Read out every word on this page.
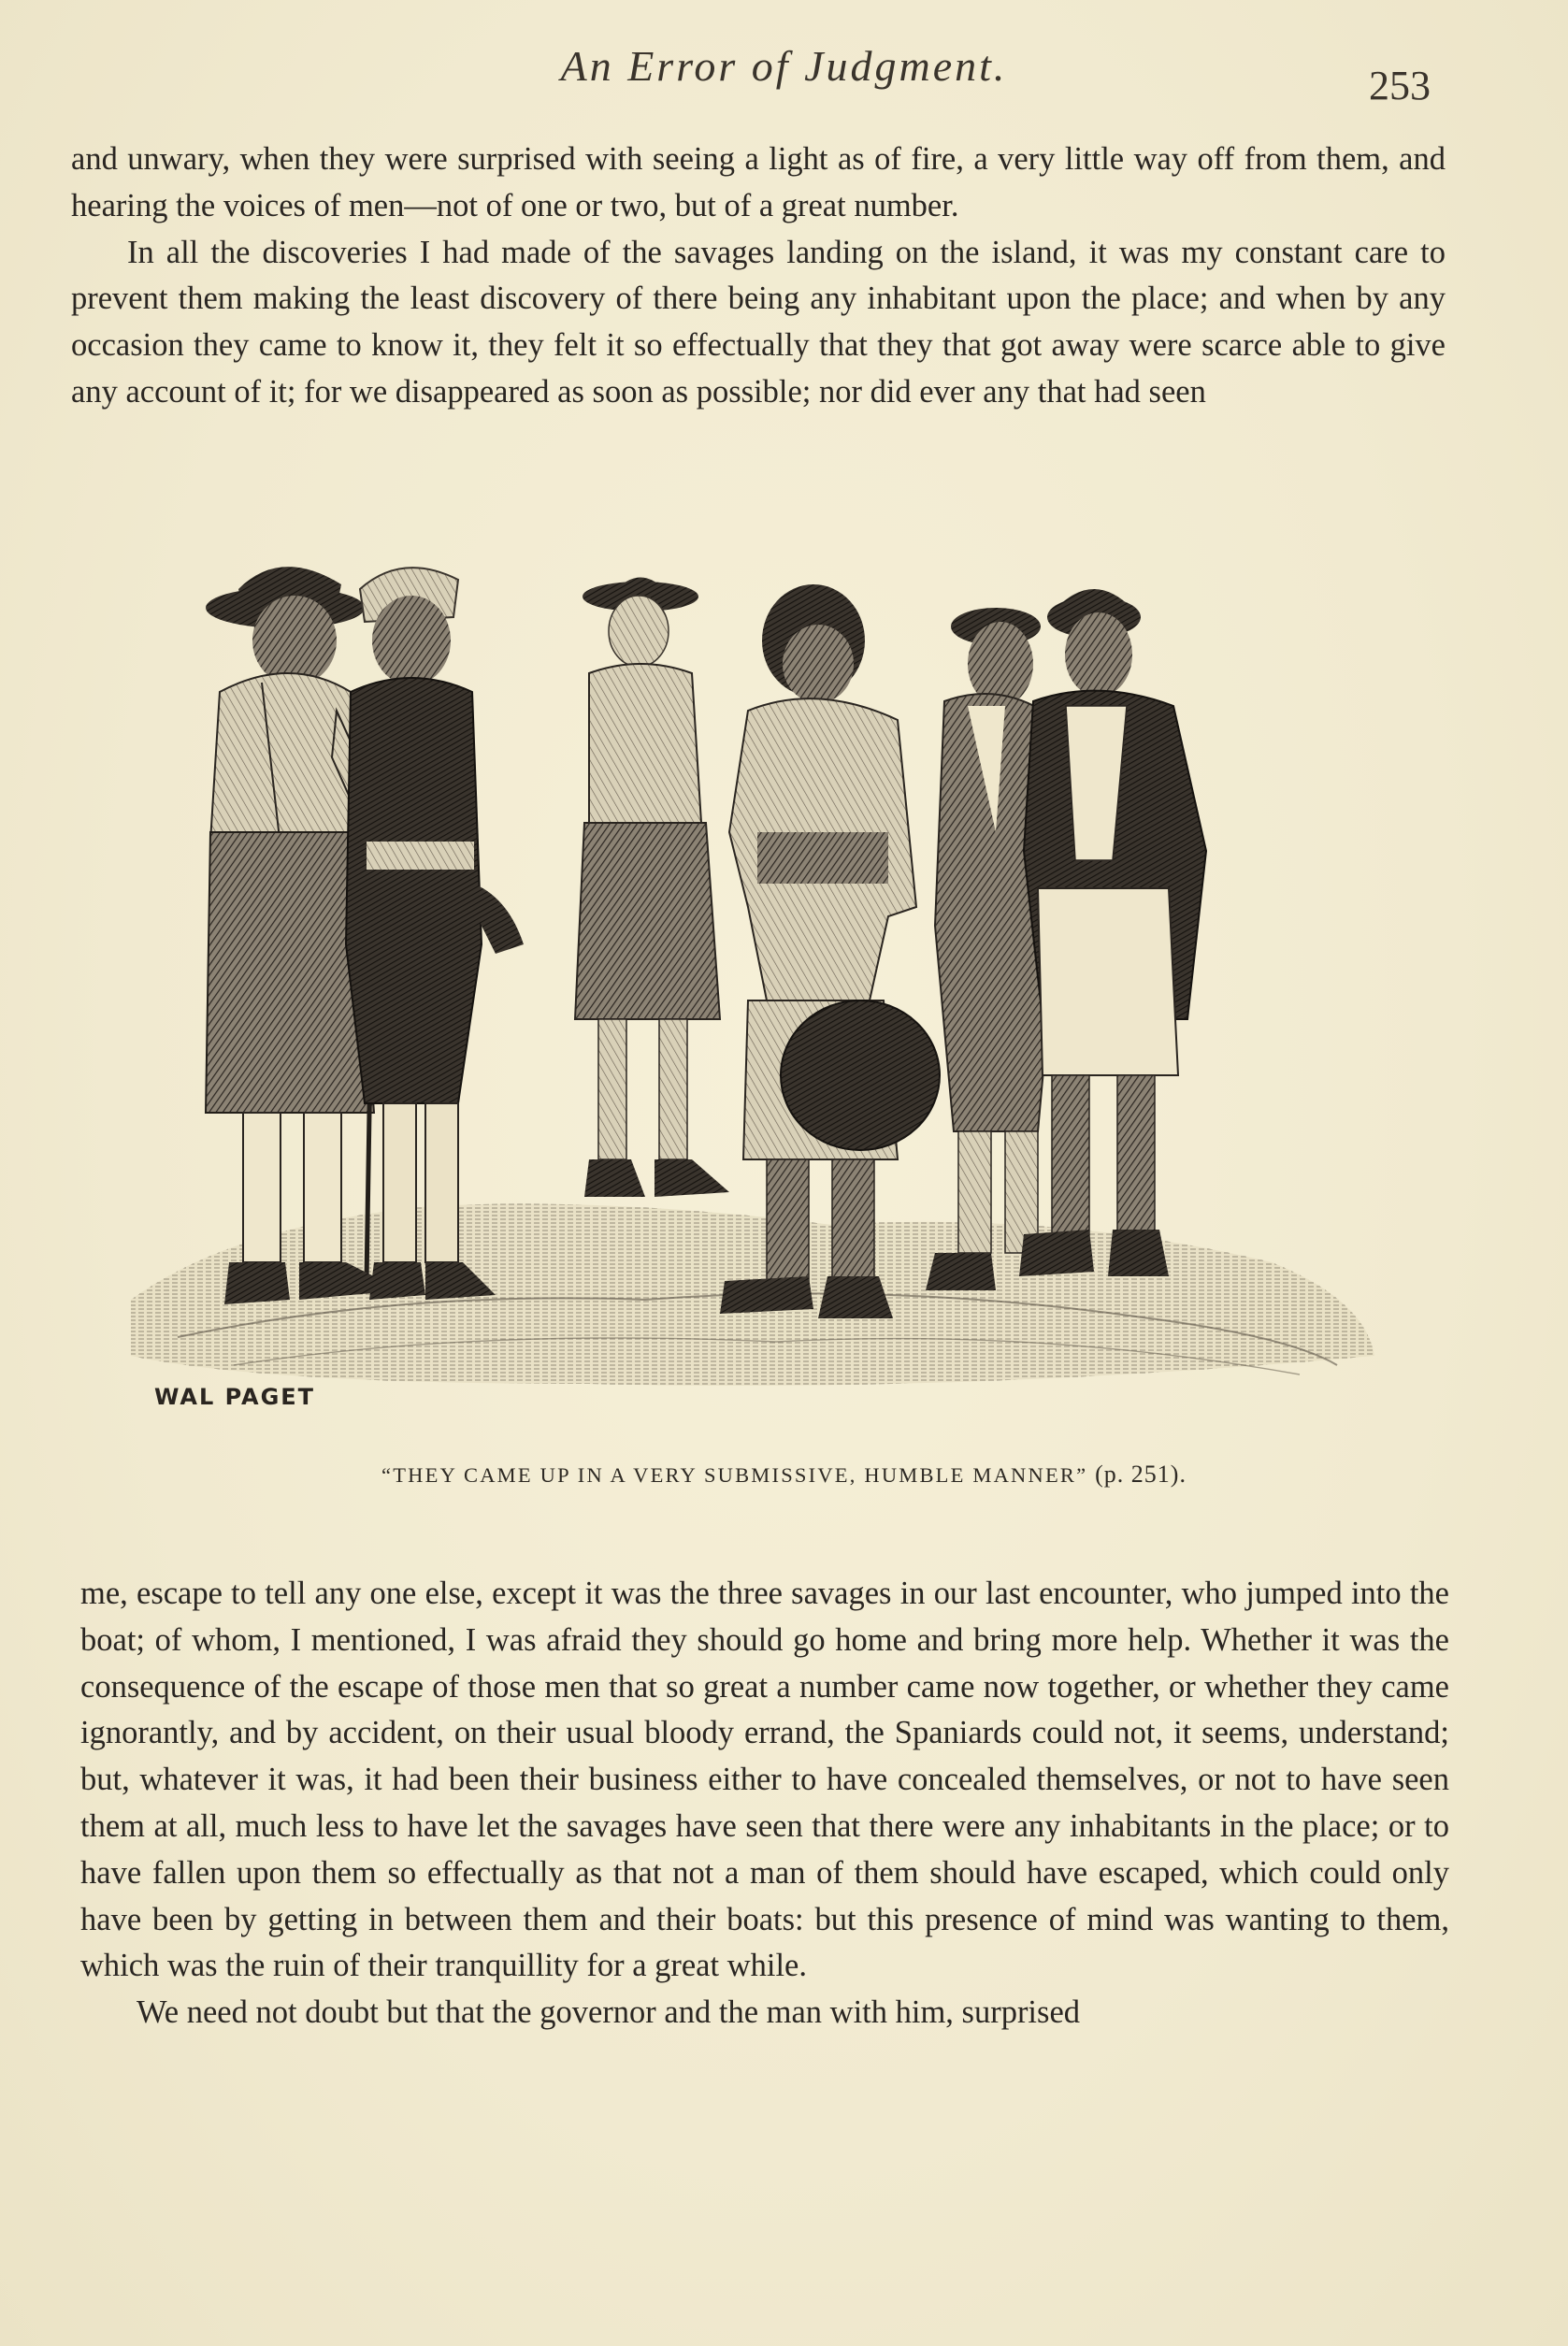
An Error of Judgment.	253

and unwary, when they were surprised with seeing a light as of fire, a very little way off from them, and hearing the voices of men—not of one or two, but of a great number.

In all the discoveries I had made of the savages landing on the island, it was my constant care to prevent them making the least discovery of there being any inhabitant upon the place; and when by any occasion they came to know it, they felt it so effectually that they that got away were scarce able to give any account of it; for we disappeared as soon as possible; nor did ever any that had seen

WAL PAGET
“THEY CAME UP IN A VERY SUBMISSIVE, HUMBLE MANNER” (p. 251).

me, escape to tell any one else, except it was the three savages in our last encounter, who jumped into the boat; of whom, I mentioned, I was afraid they should go home and bring more help. Whether it was the consequence of the escape of those men that so great a number came now together, or whether they came ignorantly, and by accident, on their usual bloody errand, the Spaniards could not, it seems, understand; but, whatever it was, it had been their business either to have concealed themselves, or not to have seen them at all, much less to have let the savages have seen that there were any inhabitants in the place; or to have fallen upon them so effectually as that not a man of them should have escaped, which could only have been by getting in between them and their boats: but this presence of mind was wanting to them, which was the ruin of their tranquillity for a great while.

We need not doubt but that the governor and the man with him, surprised
